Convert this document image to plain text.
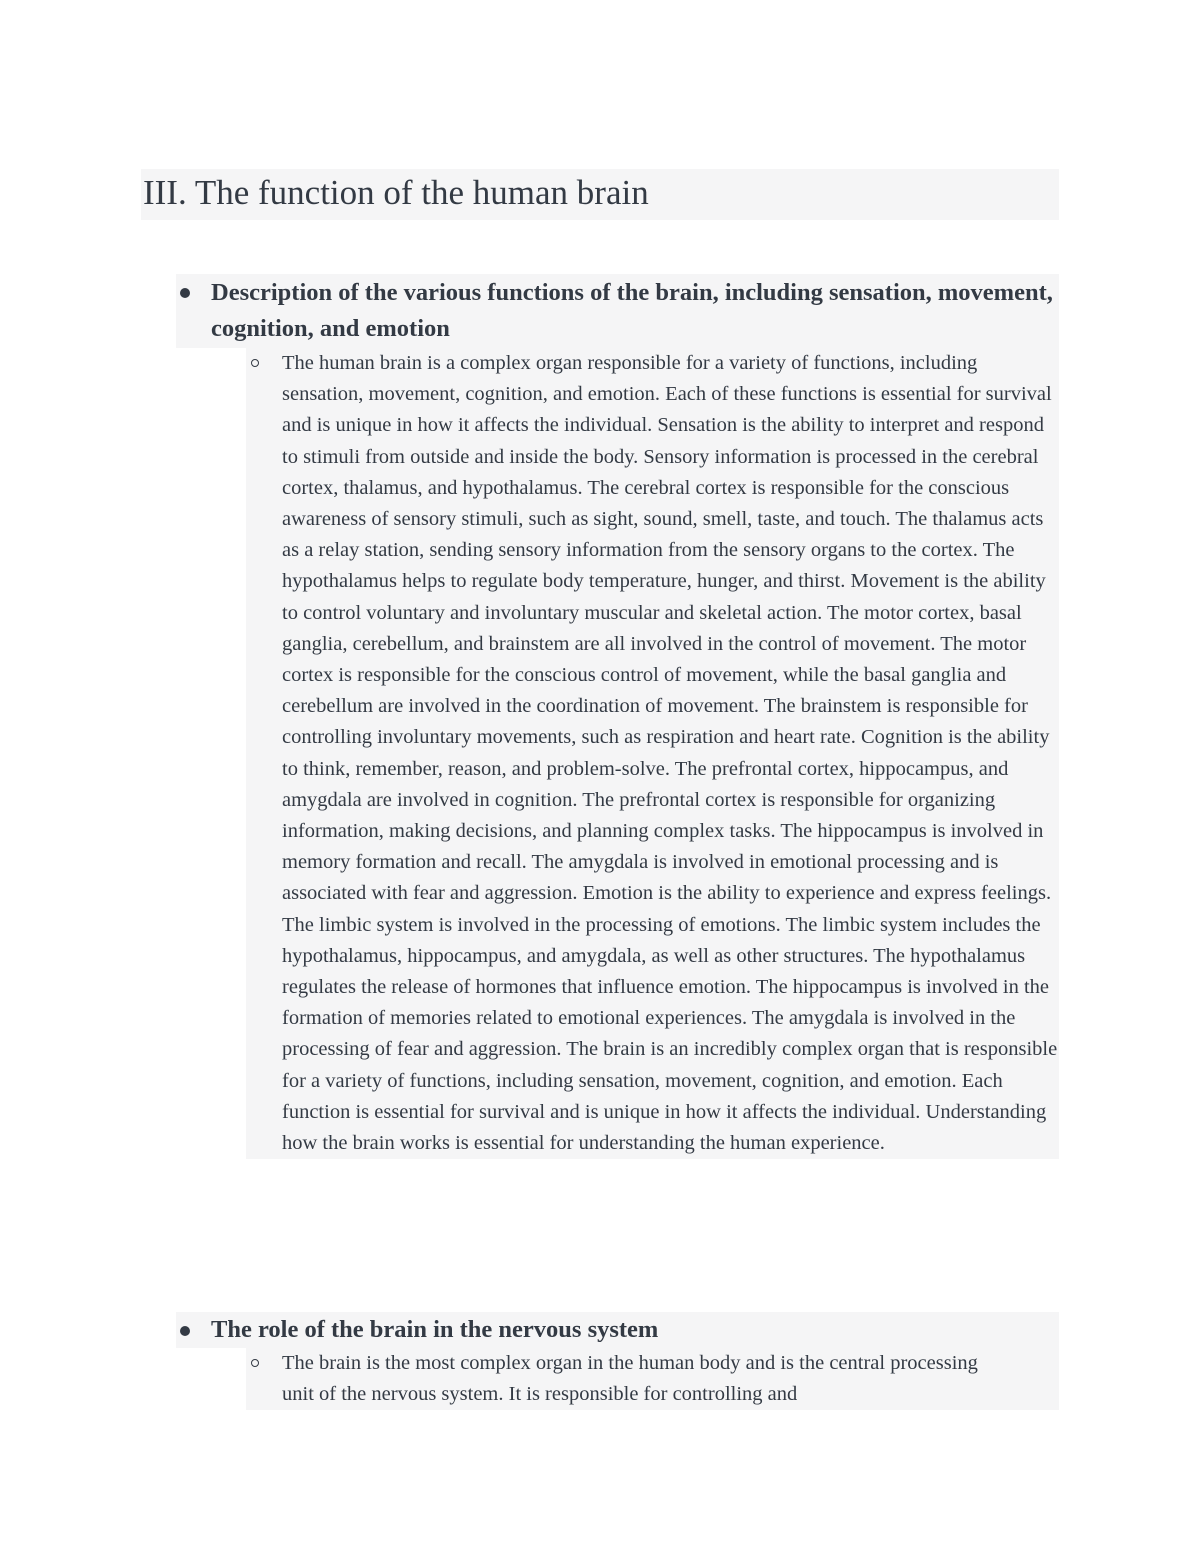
III. The function of the human brain
Description of the various functions of the brain, including sensation, movement, cognition, and emotion

The human brain is a complex organ responsible for a variety of functions, including sensation, movement, cognition, and emotion. Each of these functions is essential for survival and is unique in how it affects the individual. Sensation is the ability to interpret and respond to stimuli from outside and inside the body. Sensory information is processed in the cerebral cortex, thalamus, and hypothalamus. The cerebral cortex is responsible for the conscious awareness of sensory stimuli, such as sight, sound, smell, taste, and touch. The thalamus acts as a relay station, sending sensory information from the sensory organs to the cortex. The hypothalamus helps to regulate body temperature, hunger, and thirst. Movement is the ability to control voluntary and involuntary muscular and skeletal action. The motor cortex, basal ganglia, cerebellum, and brainstem are all involved in the control of movement. The motor cortex is responsible for the conscious control of movement, while the basal ganglia and cerebellum are involved in the coordination of movement. The brainstem is responsible for controlling involuntary movements, such as respiration and heart rate. Cognition is the ability to think, remember, reason, and problem-solve. The prefrontal cortex, hippocampus, and amygdala are involved in cognition. The prefrontal cortex is responsible for organizing information, making decisions, and planning complex tasks. The hippocampus is involved in memory formation and recall. The amygdala is involved in emotional processing and is associated with fear and aggression. Emotion is the ability to experience and express feelings. The limbic system is involved in the processing of emotions. The limbic system includes the hypothalamus, hippocampus, and amygdala, as well as other structures. The hypothalamus regulates the release of hormones that influence emotion. The hippocampus is involved in the formation of memories related to emotional experiences. The amygdala is involved in the processing of fear and aggression. The brain is an incredibly complex organ that is responsible for a variety of functions, including sensation, movement, cognition, and emotion. Each function is essential for survival and is unique in how it affects the individual. Understanding how the brain works is essential for understanding the human experience.

The role of the brain in the nervous system

The brain is the most complex organ in the human body and is the central processing unit of the nervous system. It is responsible for controlling and
